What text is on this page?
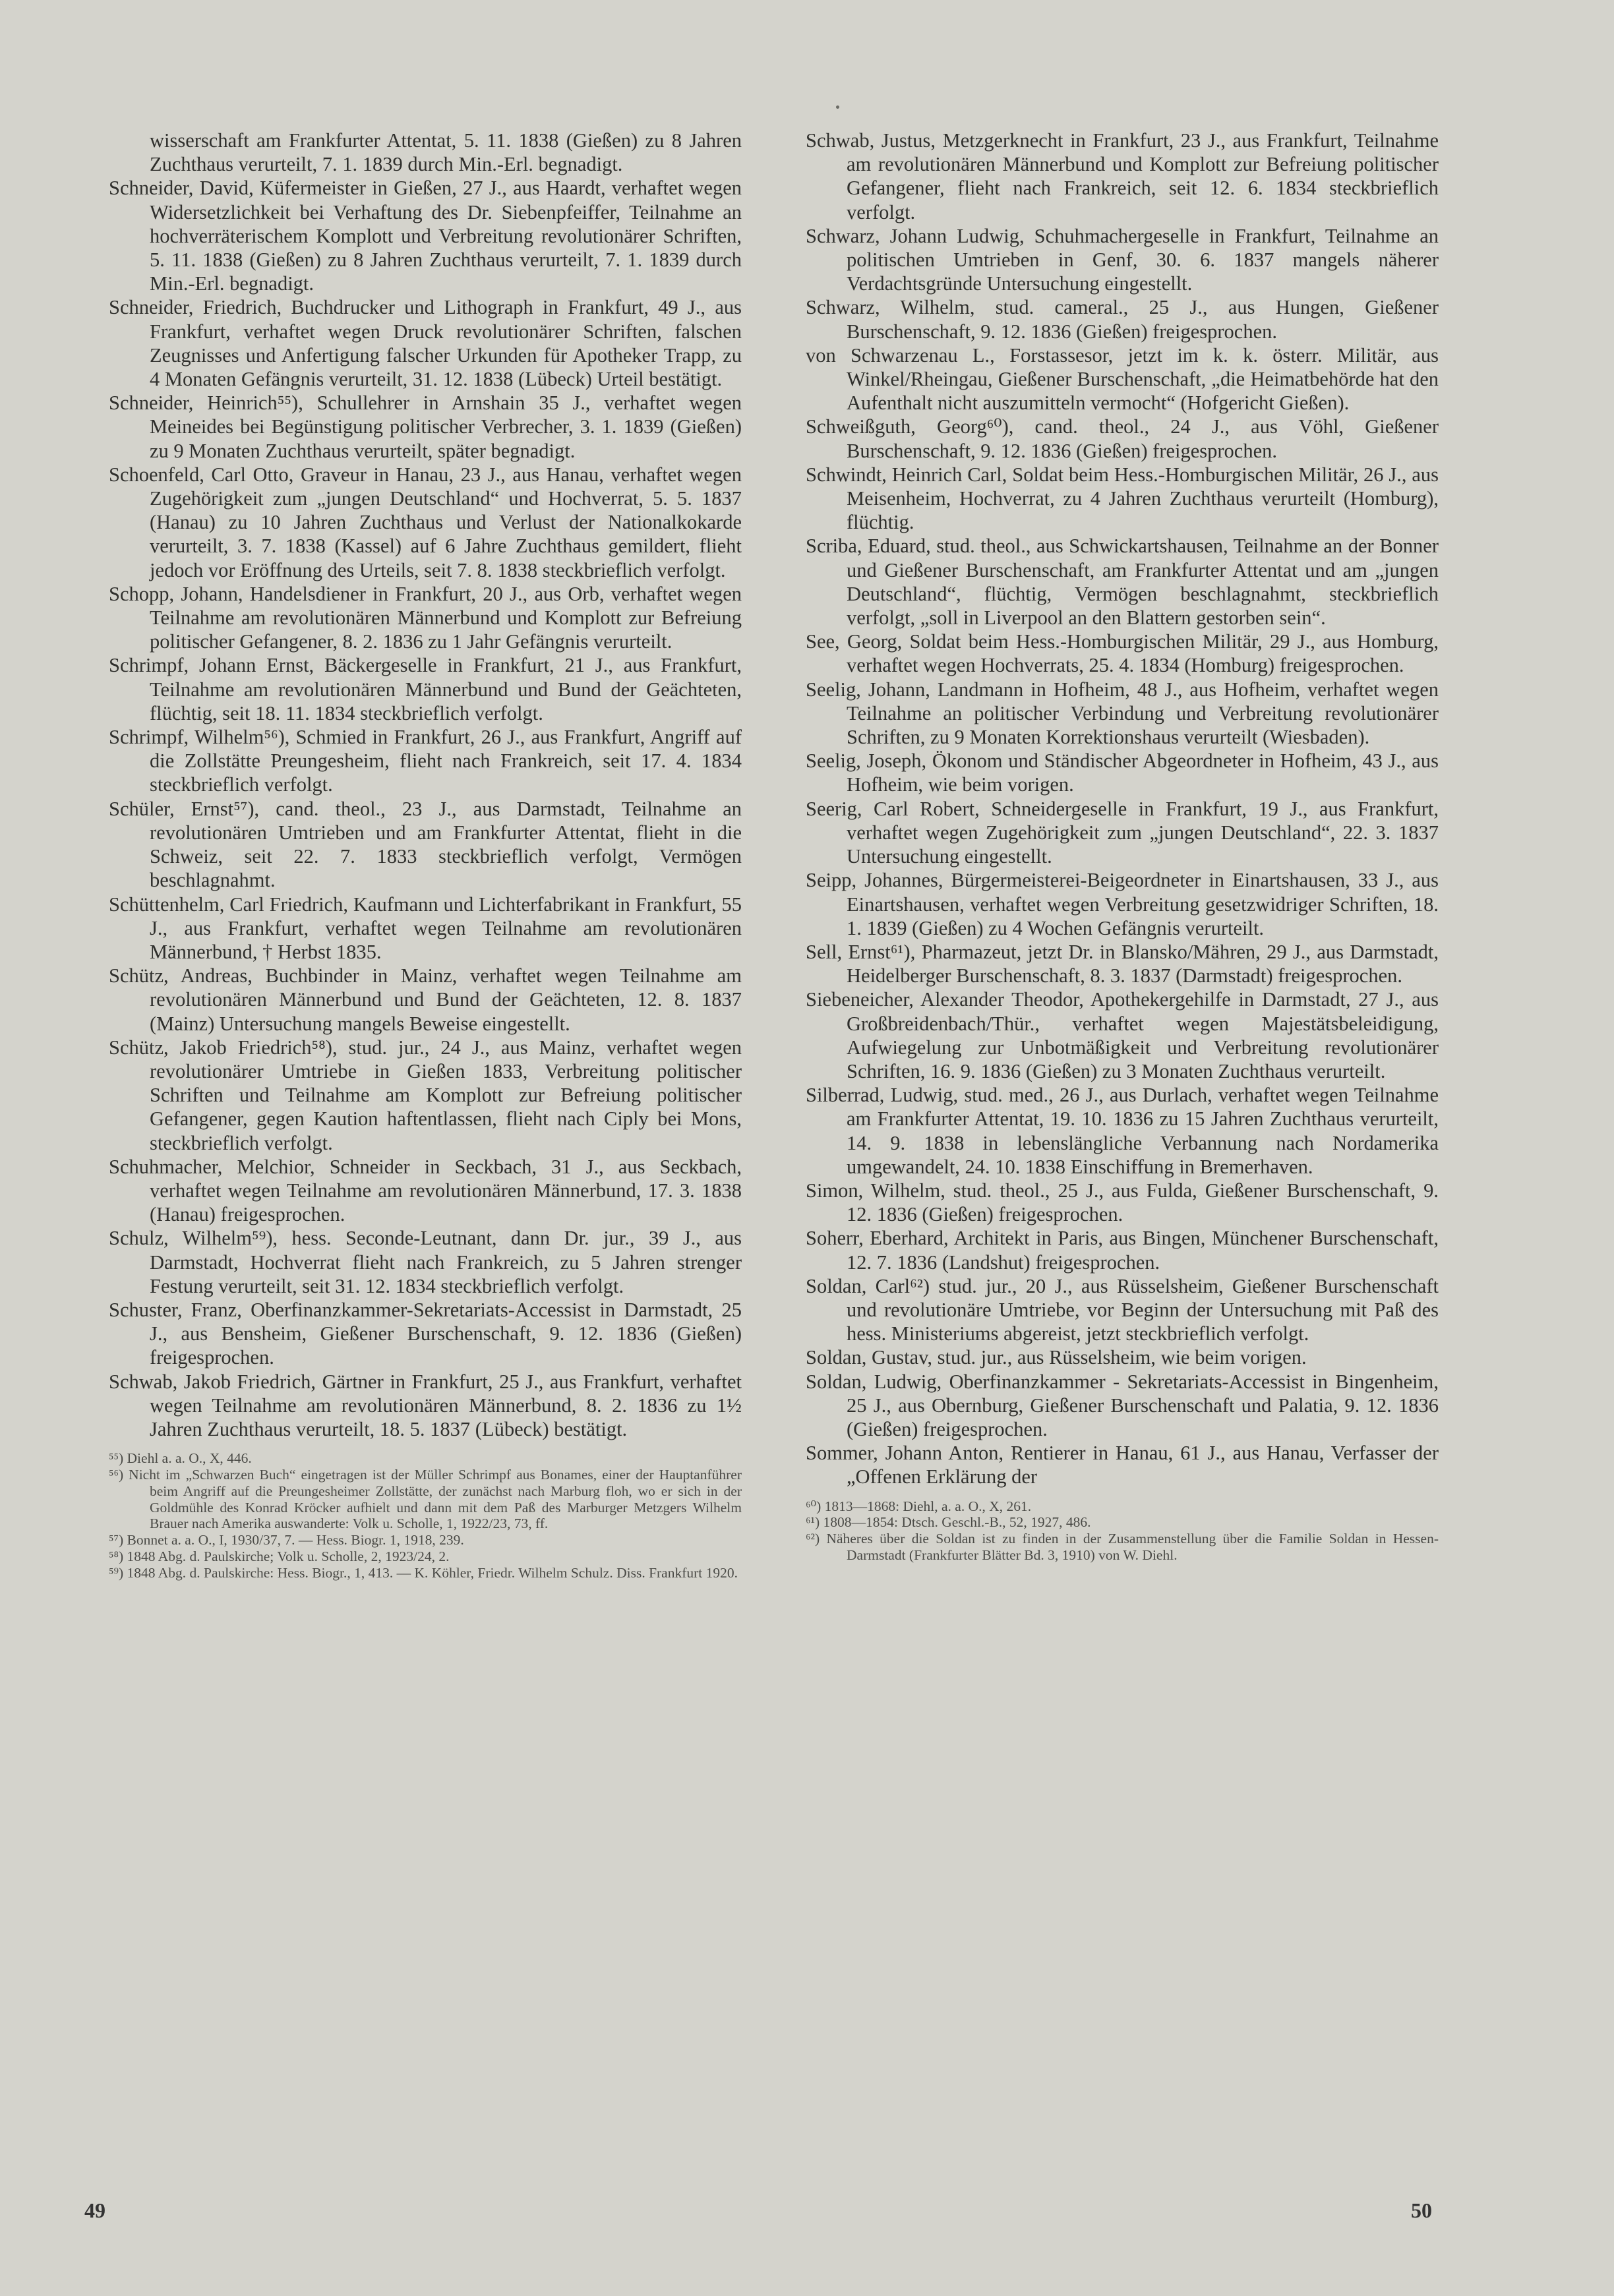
wisserschaft am Frankfurter Attentat, 5. 11. 1838 (Gießen) zu 8 Jahren Zuchthaus verurteilt, 7. 1. 1839 durch Min.-Erl. begnadigt.

Schneider, David, Küfermeister in Gießen, 27 J., aus Haardt, verhaftet wegen Widersetzlichkeit bei Verhaftung des Dr. Siebenpfeiffer, Teilnahme an hochverräterischem Komplott und Verbreitung revolutionärer Schriften, 5. 11. 1838 (Gießen) zu 8 Jahren Zuchthaus verurteilt, 7. 1. 1839 durch Min.-Erl. begnadigt.

Schneider, Friedrich, Buchdrucker und Lithograph in Frankfurt, 49 J., aus Frankfurt, verhaftet wegen Druck revolutionärer Schriften, falschen Zeugnisses und Anfertigung falscher Urkunden für Apotheker Trapp, zu 4 Monaten Gefängnis verurteilt, 31. 12. 1838 (Lübeck) Urteil bestätigt.

Schneider, Heinrich⁵⁵), Schullehrer in Arnshain 35 J., verhaftet wegen Meineides bei Begünstigung politischer Verbrecher, 3. 1. 1839 (Gießen) zu 9 Monaten Zuchthaus verurteilt, später begnadigt.

Schoenfeld, Carl Otto, Graveur in Hanau, 23 J., aus Hanau, verhaftet wegen Zugehörigkeit zum „jungen Deutschland“ und Hochverrat, 5. 5. 1837 (Hanau) zu 10 Jahren Zuchthaus und Verlust der Nationalkokarde verurteilt, 3. 7. 1838 (Kassel) auf 6 Jahre Zuchthaus gemildert, flieht jedoch vor Eröffnung des Urteils, seit 7. 8. 1838 steckbrieflich verfolgt.

Schopp, Johann, Handelsdiener in Frankfurt, 20 J., aus Orb, verhaftet wegen Teilnahme am revolutionären Männerbund und Komplott zur Befreiung politischer Gefangener, 8. 2. 1836 zu 1 Jahr Gefängnis verurteilt.

Schrimpf, Johann Ernst, Bäckergeselle in Frankfurt, 21 J., aus Frankfurt, Teilnahme am revolutionären Männerbund und Bund der Geächteten, flüchtig, seit 18. 11. 1834 steckbrieflich verfolgt.

Schrimpf, Wilhelm⁵⁶), Schmied in Frankfurt, 26 J., aus Frankfurt, Angriff auf die Zollstätte Preungesheim, flieht nach Frankreich, seit 17. 4. 1834 steckbrieflich verfolgt.

Schüler, Ernst⁵⁷), cand. theol., 23 J., aus Darmstadt, Teilnahme an revolutionären Umtrieben und am Frankfurter Attentat, flieht in die Schweiz, seit 22. 7. 1833 steckbrieflich verfolgt, Vermögen beschlagnahmt.

Schüttenhelm, Carl Friedrich, Kaufmann und Lichterfabrikant in Frankfurt, 55 J., aus Frankfurt, verhaftet wegen Teilnahme am revolutionären Männerbund, † Herbst 1835.

Schütz, Andreas, Buchbinder in Mainz, verhaftet wegen Teilnahme am revolutionären Männerbund und Bund der Geächteten, 12. 8. 1837 (Mainz) Untersuchung mangels Beweise eingestellt.

Schütz, Jakob Friedrich⁵⁸), stud. jur., 24 J., aus Mainz, verhaftet wegen revolutionärer Umtriebe in Gießen 1833, Verbreitung politischer Schriften und Teilnahme am Komplott zur Befreiung politischer Gefangener, gegen Kaution haftentlassen, flieht nach Ciply bei Mons, steckbrieflich verfolgt.

Schuhmacher, Melchior, Schneider in Seckbach, 31 J., aus Seckbach, verhaftet wegen Teilnahme am revolutionären Männerbund, 17. 3. 1838 (Hanau) freigesprochen.

Schulz, Wilhelm⁵⁹), hess. Seconde-Leutnant, dann Dr. jur., 39 J., aus Darmstadt, Hochverrat flieht nach Frankreich, zu 5 Jahren strenger Festung verurteilt, seit 31. 12. 1834 steckbrieflich verfolgt.

Schuster, Franz, Oberfinanzkammer-Sekretariats-Accessist in Darmstadt, 25 J., aus Bensheim, Gießener Burschenschaft, 9. 12. 1836 (Gießen) freigesprochen.

Schwab, Jakob Friedrich, Gärtner in Frankfurt, 25 J., aus Frankfurt, verhaftet wegen Teilnahme am revolutionären Männerbund, 8. 2. 1836 zu 1½ Jahren Zuchthaus verurteilt, 18. 5. 1837 (Lübeck) bestätigt.

⁵⁵) Diehl a. a. O., X, 446.

⁵⁶) Nicht im „Schwarzen Buch“ eingetragen ist der Müller Schrimpf aus Bonames, einer der Hauptanführer beim Angriff auf die Preungesheimer Zollstätte, der zunächst nach Marburg floh, wo er sich in der Goldmühle des Konrad Kröcker aufhielt und dann mit dem Paß des Marburger Metzgers Wilhelm Brauer nach Amerika auswanderte: Volk u. Scholle, 1, 1922/23, 73, ff.

⁵⁷) Bonnet a. a. O., I, 1930/37, 7. — Hess. Biogr. 1, 1918, 239.

⁵⁸) 1848 Abg. d. Paulskirche; Volk u. Scholle, 2, 1923/24, 2.

⁵⁹) 1848 Abg. d. Paulskirche: Hess. Biogr., 1, 413. — K. Köhler, Friedr. Wilhelm Schulz. Diss. Frankfurt 1920.

Schwab, Justus, Metzgerknecht in Frankfurt, 23 J., aus Frankfurt, Teilnahme am revolutionären Männerbund und Komplott zur Befreiung politischer Gefangener, flieht nach Frankreich, seit 12. 6. 1834 steckbrieflich verfolgt.

Schwarz, Johann Ludwig, Schuhmachergeselle in Frankfurt, Teilnahme an politischen Umtrieben in Genf, 30. 6. 1837 mangels näherer Verdachtsgründe Untersuchung eingestellt.

Schwarz, Wilhelm, stud. cameral., 25 J., aus Hungen, Gießener Burschenschaft, 9. 12. 1836 (Gießen) freigesprochen.

von Schwarzenau L., Forstassesor, jetzt im k. k. österr. Militär, aus Winkel/Rheingau, Gießener Burschenschaft, „die Heimatbehörde hat den Aufenthalt nicht auszumitteln vermocht“ (Hofgericht Gießen).

Schweißguth, Georg⁶⁰), cand. theol., 24 J., aus Vöhl, Gießener Burschenschaft, 9. 12. 1836 (Gießen) freigesprochen.

Schwindt, Heinrich Carl, Soldat beim Hess.-Homburgischen Militär, 26 J., aus Meisenheim, Hochverrat, zu 4 Jahren Zuchthaus verurteilt (Homburg), flüchtig.

Scriba, Eduard, stud. theol., aus Schwickartshausen, Teilnahme an der Bonner und Gießener Burschenschaft, am Frankfurter Attentat und am „jungen Deutschland“, flüchtig, Vermögen beschlagnahmt, steckbrieflich verfolgt, „soll in Liverpool an den Blattern gestorben sein“.

See, Georg, Soldat beim Hess.-Homburgischen Militär, 29 J., aus Homburg, verhaftet wegen Hochverrats, 25. 4. 1834 (Homburg) freigesprochen.

Seelig, Johann, Landmann in Hofheim, 48 J., aus Hofheim, verhaftet wegen Teilnahme an politischer Verbindung und Verbreitung revolutionärer Schriften, zu 9 Monaten Korrektionshaus verurteilt (Wiesbaden).

Seelig, Joseph, Ökonom und Ständischer Abgeordneter in Hofheim, 43 J., aus Hofheim, wie beim vorigen.

Seerig, Carl Robert, Schneidergeselle in Frankfurt, 19 J., aus Frankfurt, verhaftet wegen Zugehörigkeit zum „jungen Deutschland“, 22. 3. 1837 Untersuchung eingestellt.

Seipp, Johannes, Bürgermeisterei-Beigeordneter in Einartshausen, 33 J., aus Einartshausen, verhaftet wegen Verbreitung gesetzwidriger Schriften, 18. 1. 1839 (Gießen) zu 4 Wochen Gefängnis verurteilt.

Sell, Ernst⁶¹), Pharmazeut, jetzt Dr. in Blansko/Mähren, 29 J., aus Darmstadt, Heidelberger Burschenschaft, 8. 3. 1837 (Darmstadt) freigesprochen.

Siebeneicher, Alexander Theodor, Apothekergehilfe in Darmstadt, 27 J., aus Großbreidenbach/Thür., verhaftet wegen Majestätsbeleidigung, Aufwiegelung zur Unbotmäßigkeit und Verbreitung revolutionärer Schriften, 16. 9. 1836 (Gießen) zu 3 Monaten Zuchthaus verurteilt.

Silberrad, Ludwig, stud. med., 26 J., aus Durlach, verhaftet wegen Teilnahme am Frankfurter Attentat, 19. 10. 1836 zu 15 Jahren Zuchthaus verurteilt, 14. 9. 1838 in lebenslängliche Verbannung nach Nordamerika umgewandelt, 24. 10. 1838 Einschiffung in Bremerhaven.

Simon, Wilhelm, stud. theol., 25 J., aus Fulda, Gießener Burschenschaft, 9. 12. 1836 (Gießen) freigesprochen.

Soherr, Eberhard, Architekt in Paris, aus Bingen, Münchener Burschenschaft, 12. 7. 1836 (Landshut) freigesprochen.

Soldan, Carl⁶²) stud. jur., 20 J., aus Rüsselsheim, Gießener Burschenschaft und revolutionäre Umtriebe, vor Beginn der Untersuchung mit Paß des hess. Ministeriums abgereist, jetzt steckbrieflich verfolgt.

Soldan, Gustav, stud. jur., aus Rüsselsheim, wie beim vorigen.

Soldan, Ludwig, Oberfinanzkammer - Sekretariats-Accessist in Bingenheim, 25 J., aus Obernburg, Gießener Burschenschaft und Palatia, 9. 12. 1836 (Gießen) freigesprochen.

Sommer, Johann Anton, Rentierer in Hanau, 61 J., aus Hanau, Verfasser der „Offenen Erklärung der

⁶⁰) 1813—1868: Diehl, a. a. O., X, 261.

⁶¹) 1808—1854: Dtsch. Geschl.-B., 52, 1927, 486.

⁶²) Näheres über die Soldan ist zu finden in der Zusammenstellung über die Familie Soldan in Hessen-Darmstadt (Frankfurter Blätter Bd. 3, 1910) von W. Diehl.

49	50
